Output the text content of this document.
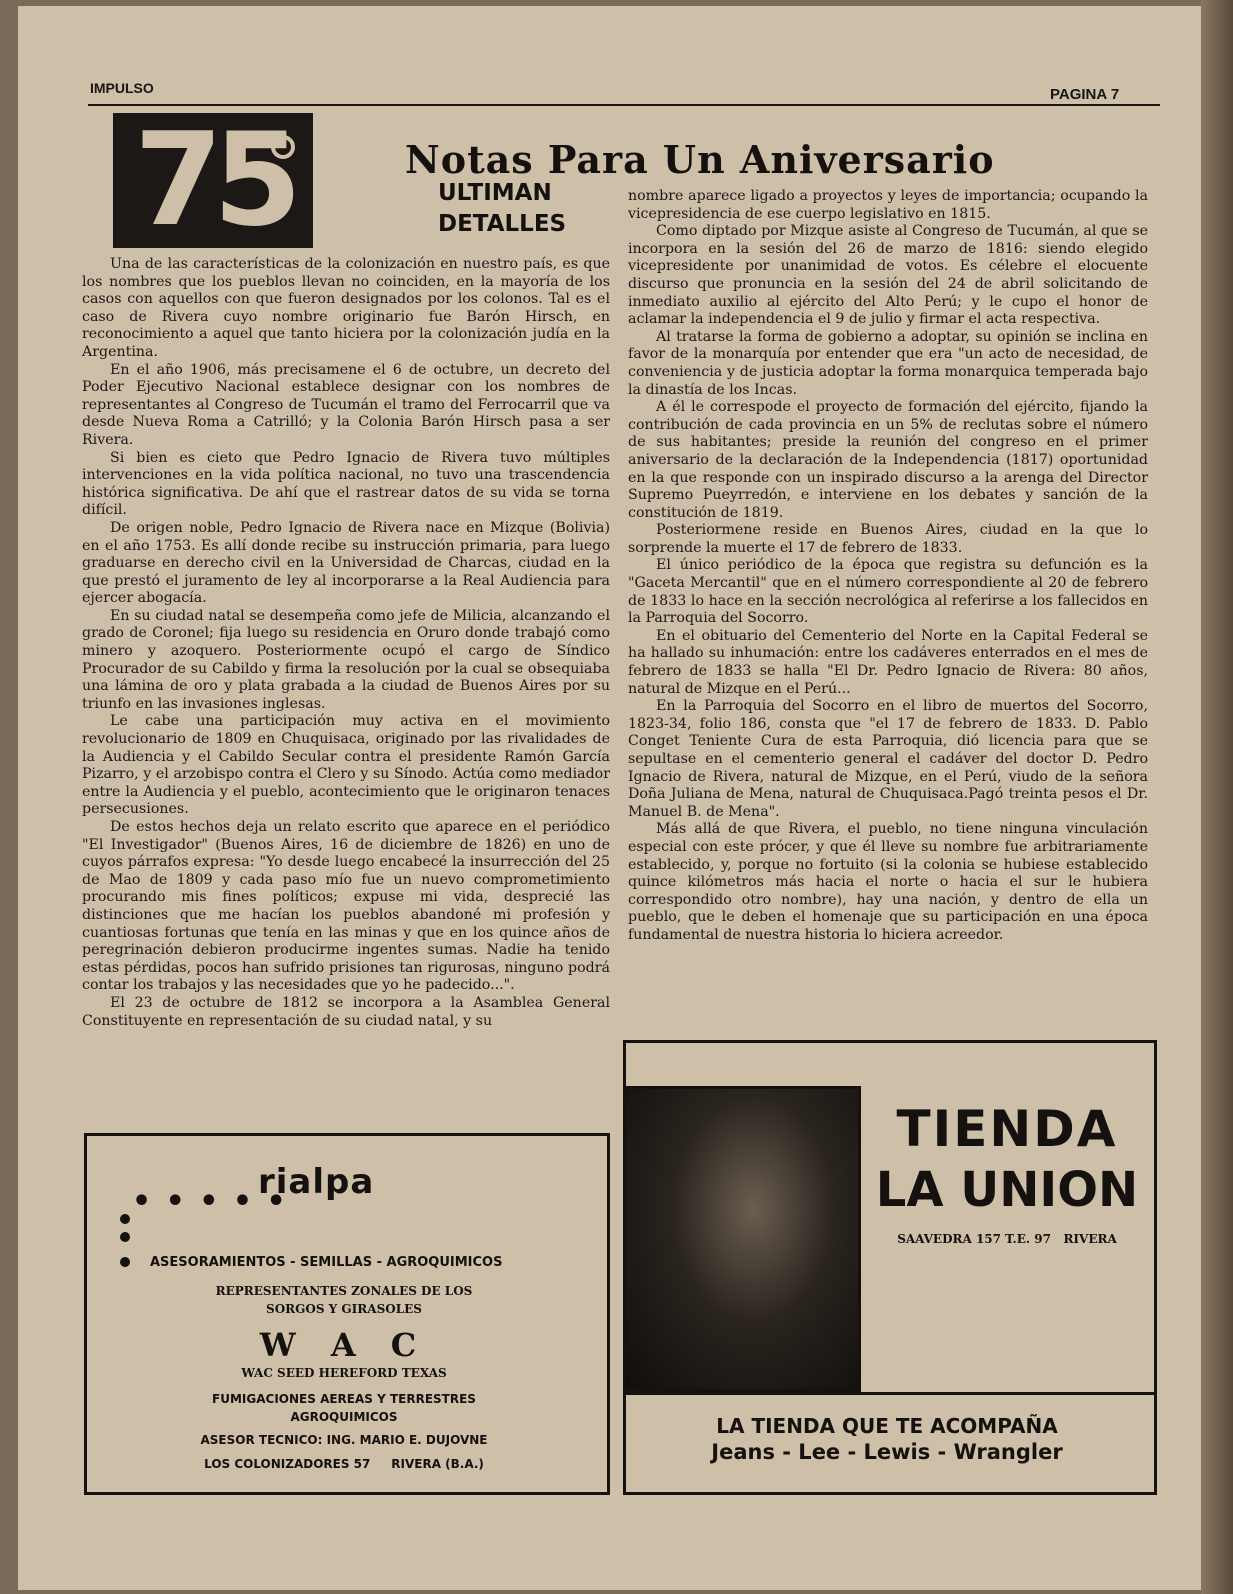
IMPULSO	PAGINA 7
75	Notas Para Un Aniversario
ULTIMAN
DETALLES

Una de las características de la colonización en nuestro país, es que los nombres que los pueblos llevan no coinciden, en la mayoría de los casos con aquellos con que fueron designados por los colonos. Tal es el caso de Rivera cuyo nombre originario fue Barón Hirsch, en reconocimiento a aquel que tanto hiciera por la colonización judía en la Argentina.

En el año 1906, más precisamene el 6 de octubre, un decreto del Poder Ejecutivo Nacional establece designar con los nombres de representantes al Congreso de Tucumán el tramo del Ferrocarril que va desde Nueva Roma a Catrilló; y la Colonia Barón Hirsch pasa a ser Rivera.

Si bien es cieto que Pedro Ignacio de Rivera tuvo múltiples intervenciones en la vida política nacional, no tuvo una trascendencia histórica significativa. De ahí que el rastrear datos de su vida se torna difícil.

De origen noble, Pedro Ignacio de Rivera nace en Mizque (Bolivia) en el año 1753. Es allí donde recibe su instrucción primaria, para luego graduarse en derecho civil en la Universidad de Charcas, ciudad en la que prestó el juramento de ley al incorporarse a la Real Audiencia para ejercer abogacía.

En su ciudad natal se desempeña como jefe de Milicia, alcanzando el grado de Coronel; fija luego su residencia en Oruro donde trabajó como minero y azoquero. Posteriormente ocupó el cargo de Síndico Procurador de su Cabildo y firma la resolución por la cual se obsequiaba una lámina de oro y plata grabada a la ciudad de Buenos Aires por su triunfo en las invasiones inglesas.

Le cabe una participación muy activa en el movimiento revolucionario de 1809 en Chuquisaca, originado por las rivalidades de la Audiencia y el Cabildo Secular contra el presidente Ramón García Pizarro, y el arzobispo contra el Clero y su Sínodo. Actúa como mediador entre la Audiencia y el pueblo, acontecimiento que le originaron tenaces persecusiones.

De estos hechos deja un relato escrito que aparece en el periódico "El Investigador" (Buenos Aires, 16 de diciembre de 1826) en uno de cuyos párrafos expresa: "Yo desde luego encabecé la insurrección del 25 de Mao de 1809 y cada paso mío fue un nuevo comprometimiento procurando mis fines políticos; expuse mi vida, desprecié las distinciones que me hacían los pueblos abandoné mi profesión y cuantiosas fortunas que tenía en las minas y que en los quince años de peregrinación debieron producirme ingentes sumas. Nadie ha tenido estas pérdidas, pocos han sufrido prisiones tan rigurosas, ninguno podrá contar los trabajos y las necesidades que yo he padecido...".

El 23 de octubre de 1812 se incorpora a la Asamblea General Constituyente en representación de su ciudad natal, y su

nombre aparece ligado a proyectos y leyes de importancia; ocupando la vicepresidencia de ese cuerpo legislativo en 1815.

Como diptado por Mizque asiste al Congreso de Tucumán, al que se incorpora en la sesión del 26 de marzo de 1816: siendo elegido vicepresidente por unanimidad de votos. Es célebre el elocuente discurso que pronuncia en la sesión del 24 de abril solicitando de inmediato auxilio al ejército del Alto Perú; y le cupo el honor de aclamar la independencia el 9 de julio y firmar el acta respectiva.

Al tratarse la forma de gobierno a adoptar, su opinión se inclina en favor de la monarquía por entender que era "un acto de necesidad, de conveniencia y de justicia adoptar la forma monarquica temperada bajo la dinastía de los Incas.

A él le correspode el proyecto de formación del ejército, fijando la contribución de cada provincia en un 5% de reclutas sobre el número de sus habitantes; preside la reunión del congreso en el primer aniversario de la declaración de la Independencia (1817) oportunidad en la que responde con un inspirado discurso a la arenga del Director Supremo Pueyrredón, e interviene en los debates y sanción de la constitución de 1819.

Posteriormene reside en Buenos Aires, ciudad en la que lo sorprende la muerte el 17 de febrero de 1833.

El único periódico de la época que registra su defunción es la "Gaceta Mercantil" que en el número correspondiente al 20 de febrero de 1833 lo hace en la sección necrológica al referirse a los fallecidos en la Parroquia del Socorro.

En el obituario del Cementerio del Norte en la Capital Federal se ha hallado su inhumación: entre los cadáveres enterrados en el mes de febrero de 1833 se halla "El Dr. Pedro Ignacio de Rivera: 80 años, natural de Mizque en el Perú...

En la Parroquia del Socorro en el libro de muertos del Socorro, 1823-34, folio 186, consta que "el 17 de febrero de 1833. D. Pablo Conget Teniente Cura de esta Parroquia, dió licencia para que se sepultase en el cementerio general el cadáver del doctor D. Pedro Ignacio de Rivera, natural de Mizque, en el Perú, viudo de la señora Doña Juliana de Mena, natural de Chuquisaca.Pagó treinta pesos el Dr. Manuel B. de Mena".

Más allá de que Rivera, el pueblo, no tiene ninguna vinculación especial con este prócer, y que él lleve su nombre fue arbitrariamente establecido, y, porque no fortuito (si la colonia se hubiese establecido quince kilómetros más hacia el norte o hacia el sur le hubiera correspondido otro nombre), hay una nación, y dentro de ella un pueblo, que le deben el homenaje que su participación en una época fundamental de nuestra historia lo hiciera acreedor.

• • • • •
rialpa
ASESORAMIENTOS - SEMILLAS - AGROQUIMICOS
REPRESENTANTES ZONALES DE LOS
SORGOS Y GIRASOLES
W A C
WAC SEED HEREFORD TEXAS
FUMIGACIONES AEREAS Y TERRESTRES
AGROQUIMICOS
ASESOR TECNICO: ING. MARIO E. DUJOVNE
LOS COLONIZADORES 57     RIVERA (B.A.)
TIENDA
LA UNION
SAAVEDRA 157 T.E. 97   RIVERA
LA TIENDA QUE TE ACOMPAÑA
Jeans - Lee - Lewis - Wrangler
